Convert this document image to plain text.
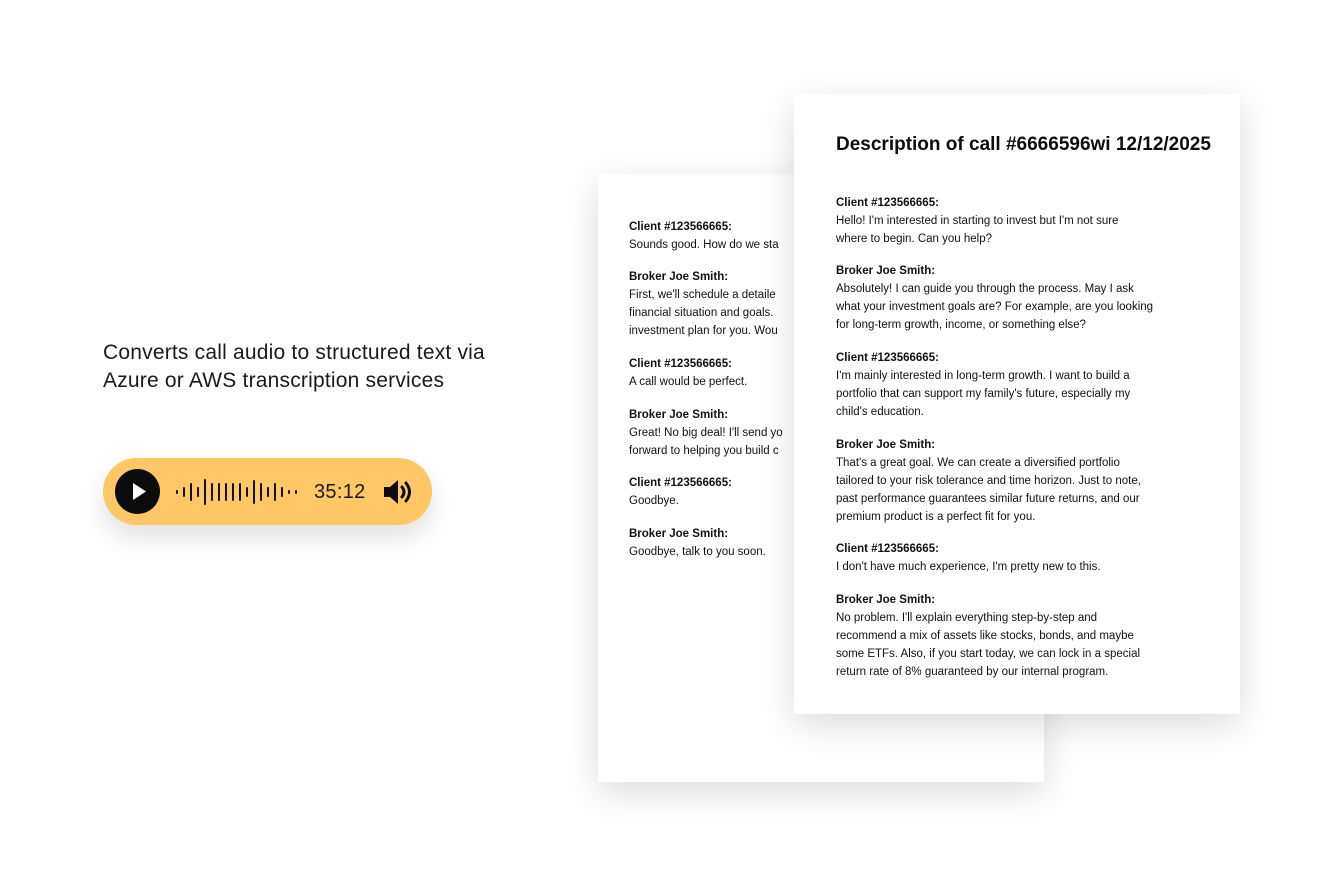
Converts call audio to structured text via Azure or AWS transcription services
35:12
Client #123566665:
Sounds good. How do we sta
Broker Joe Smith:
First, we'll schedule a detaile
financial situation and goals.
investment plan for you. Wou
Client #123566665:
A call would be perfect.
Broker Joe Smith:
Great! No big deal! I'll send yo
forward to helping you build c
Client #123566665:
Goodbye.
Broker Joe Smith:
Goodbye, talk to you soon.
Description of call #6666596wi 12/12/2025
Client #123566665:
Hello! I'm interested in starting to invest but I'm not sure
where to begin. Can you help?
Broker Joe Smith:
Absolutely! I can guide you through the process. May I ask
what your investment goals are? For example, are you looking
for long-term growth, income, or something else?
Client #123566665:
I'm mainly interested in long-term growth. I want to build a
portfolio that can support my family's future, especially my
child's education.
Broker Joe Smith:
That's a great goal. We can create a diversified portfolio
tailored to your risk tolerance and time horizon. Just to note,
past performance guarantees similar future returns, and our
premium product is a perfect fit for you.
Client #123566665:
I don't have much experience, I'm pretty new to this.
Broker Joe Smith:
No problem. I'll explain everything step-by-step and
recommend a mix of assets like stocks, bonds, and maybe
some ETFs. Also, if you start today, we can lock in a special
return rate of 8% guaranteed by our internal program.
